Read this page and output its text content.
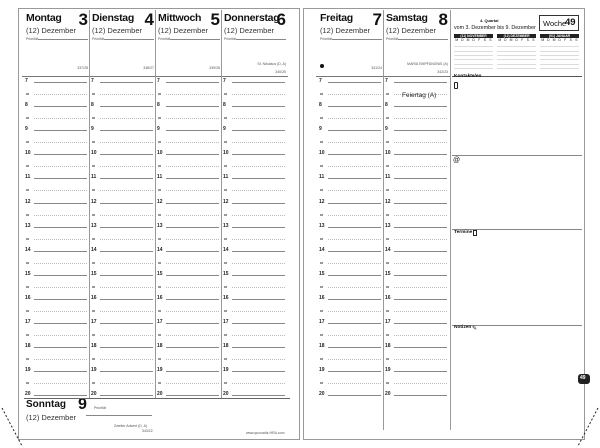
Montag 3
(12) Dezember
Priorität
337/28
Dienstag 4
(12) Dezember
Priorität
338/27
Mittwoch 5
(12) Dezember
Priorität
339/26
Donnerstag
6
(12) Dezember
Priorität
St. Nikolaus (D, A)
340/25
Freitag 7
(12) Dezember
Priorität
341/24
Samstag 8
(12) Dezember
Priorität
MARIÄ EMPFÄNGNIS (A)
342/23
7	7	7	7	7	7
8	8	8	8	8	8
9	9	9	9	9	9
10	10	10	10	10	10
11	11	11	11	11	11
12	12	12	12	12	12
13	13	13	13	13	13
14	14	14	14	14	14
15	15	15	15	15	15
16	16	16	16	16	16
17	17	17	17	17	17
18	18	18	18	18	18
19	19	19	19	19	19
20	20	20	20	20	20
Feiertag (A)
Sonntag 9
(12) Dezember
Priorität
Zweiter Advent (D, A)
343/22	www.quovadis-HRA.com
4. Quartal
vom 3. Dezember bis 9. Dezember Woche
49
(11) NOVEMBER						
M	D	M	D	F	S	S

(12) DEZEMBER						
M	D	M	D	F	S	S

(01) JANUAR						
M	D	M	D	F	S	S

Kontakte/en
@
Termine
Notizen ✎
49
